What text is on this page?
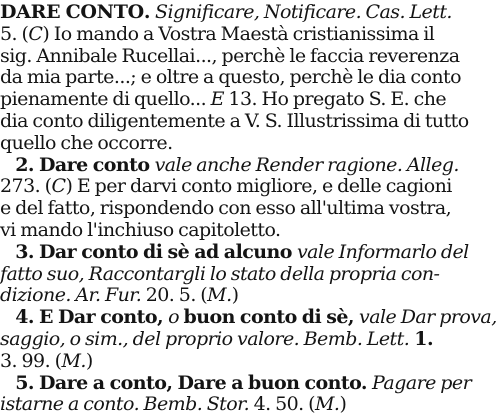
DARE CONTO. Significare, Notificare. Cas. Lett.
5. (C) Io mando a Vostra Maestà cristianissima il
sig. Annibale Rucellai..., perchè le faccia reverenza
da mia parte...; e oltre a questo, perchè le dia conto
pienamente di quello... E 13. Ho pregato S. E. che
dia conto diligentemente a V. S. Illustrissima di tutto
quello che occorre.
2. Dare conto vale anche Render ragione. Alleg.
273. (C) E per darvi conto migliore, e delle cagioni
e del fatto, rispondendo con esso all'ultima vostra,
vi mando l'inchiuso capitoletto.
3. Dar conto di sè ad alcuno vale Informarlo del
fatto suo, Raccontargli lo stato della propria con-
dizione. Ar. Fur. 20. 5. (M.)
4. E Dar conto, o buon conto di sè, vale Dar prova,
saggio, o sim., del proprio valore. Bemb. Lett. 1.
3. 99. (M.)
5. Dare a conto, Dare a buon conto. Pagare per
istarne a conto. Bemb. Stor. 4. 50. (M.)
